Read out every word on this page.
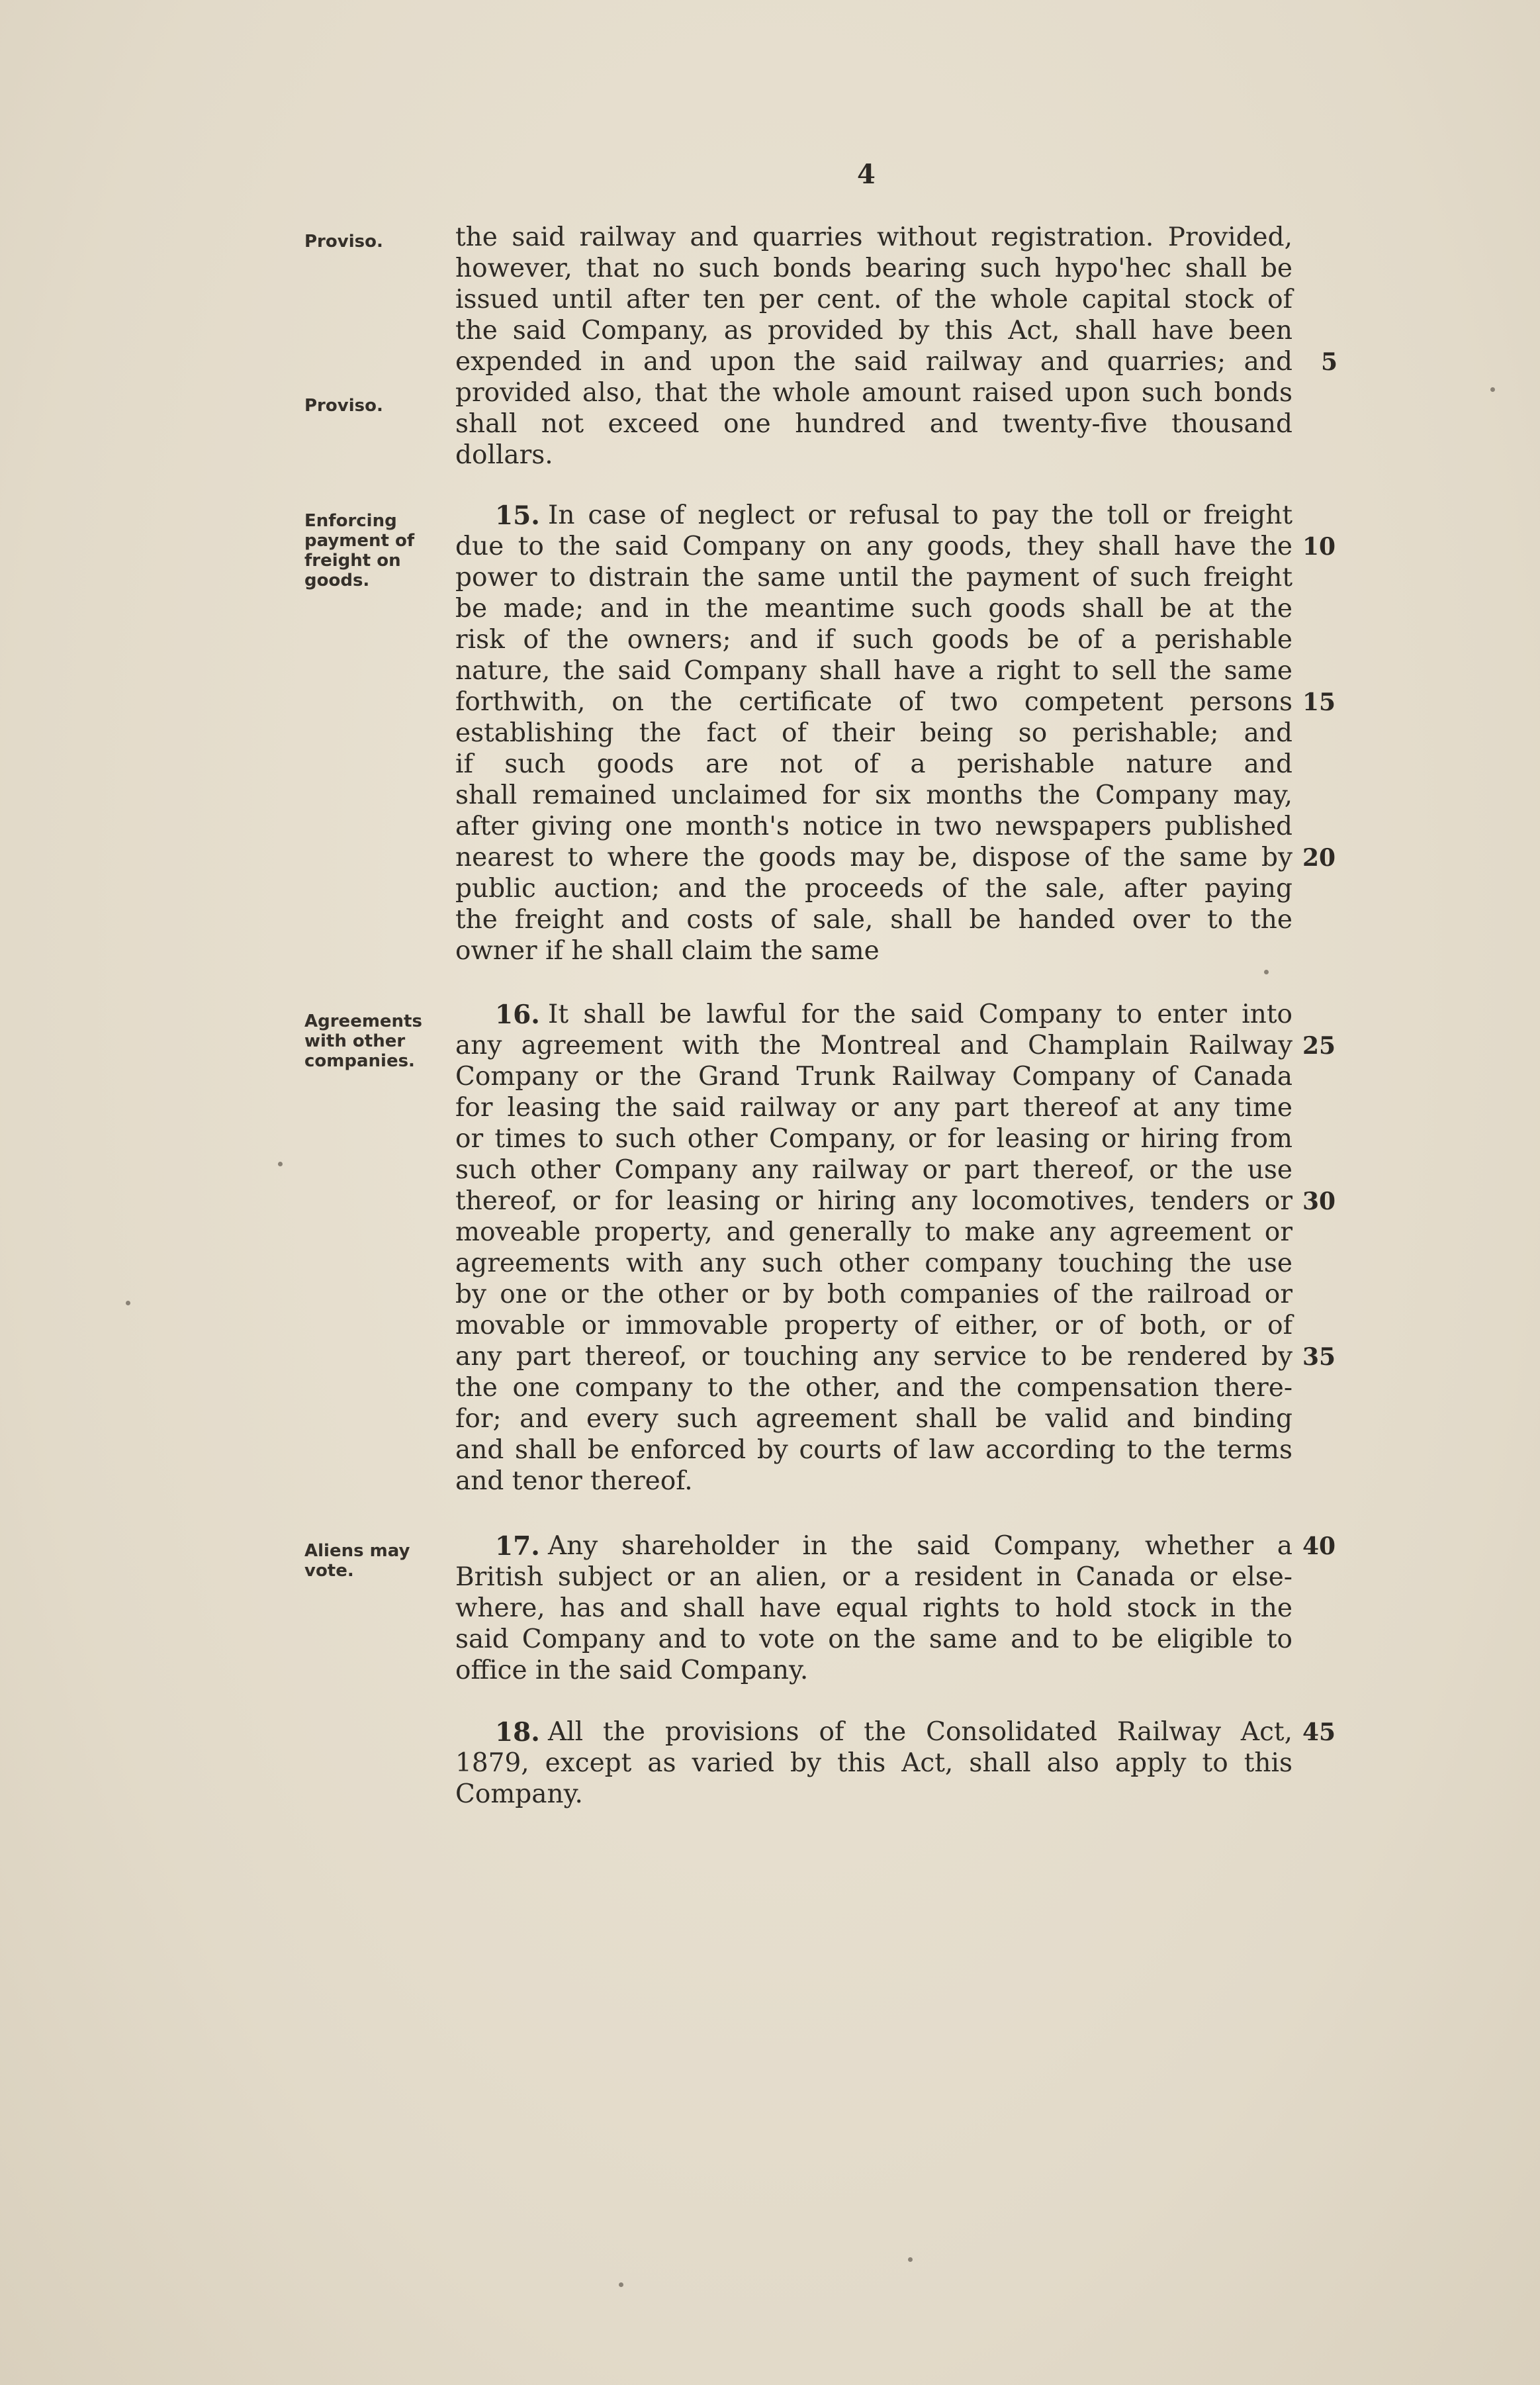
4
Proviso.
Proviso.
Enforcing
payment of
freight on
goods.
Agreements
with other
companies.
Aliens may
vote.
the said railway and quarries without registration. Provided,
however, that no such bonds bearing such hypo'hec shall be
issued until after ten per cent. of the whole capital stock of
the said Company, as provided by this Act, shall have been
expended in and upon the said railway and quarries; and
provided also, that the whole amount raised upon such bonds
shall not exceed one hundred and twenty-five thousand
dollars.
15. In case of neglect or refusal to pay the toll or freight
due to the said Company on any goods, they shall have the
power to distrain the same until the payment of such freight
be made; and in the meantime such goods shall be at the
risk of the owners; and if such goods be of a perishable
nature, the said Company shall have a right to sell the same
forthwith, on the certificate of two competent persons
establishing the fact of their being so perishable; and
if such goods are not of a perishable nature and
shall remained unclaimed for six months the Company may,
after giving one month's notice in two newspapers published
nearest to where the goods may be, dispose of the same by
public auction; and the proceeds of the sale, after paying
the freight and costs of sale, shall be handed over to the
owner if he shall claim the same
16. It shall be lawful for the said Company to enter into
any agreement with the Montreal and Champlain Railway
Company or the Grand Trunk Railway Company of Canada
for leasing the said railway or any part thereof at any time
or times to such other Company, or for leasing or hiring from
such other Company any railway or part thereof, or the use
thereof, or for leasing or hiring any locomotives, tenders or
moveable property, and generally to make any agreement or
agreements with any such other company touching the use
by one or the other or by both companies of the railroad or
movable or immovable property of either, or of both, or of
any part thereof, or touching any service to be rendered by
the one company to the other, and the compensation there-
for; and every such agreement shall be valid and binding
and shall be enforced by courts of law according to the terms
and tenor thereof.
17. Any shareholder in the said Company, whether a
British subject or an alien, or a resident in Canada or else-
where, has and shall have equal rights to hold stock in the
said Company and to vote on the same and to be eligible to
office in the said Company.
18. All the provisions of the Consolidated Railway Act,
1879, except as varied by this Act, shall also apply to this
Company.
5
10
15
20
25
30
35
40
45
